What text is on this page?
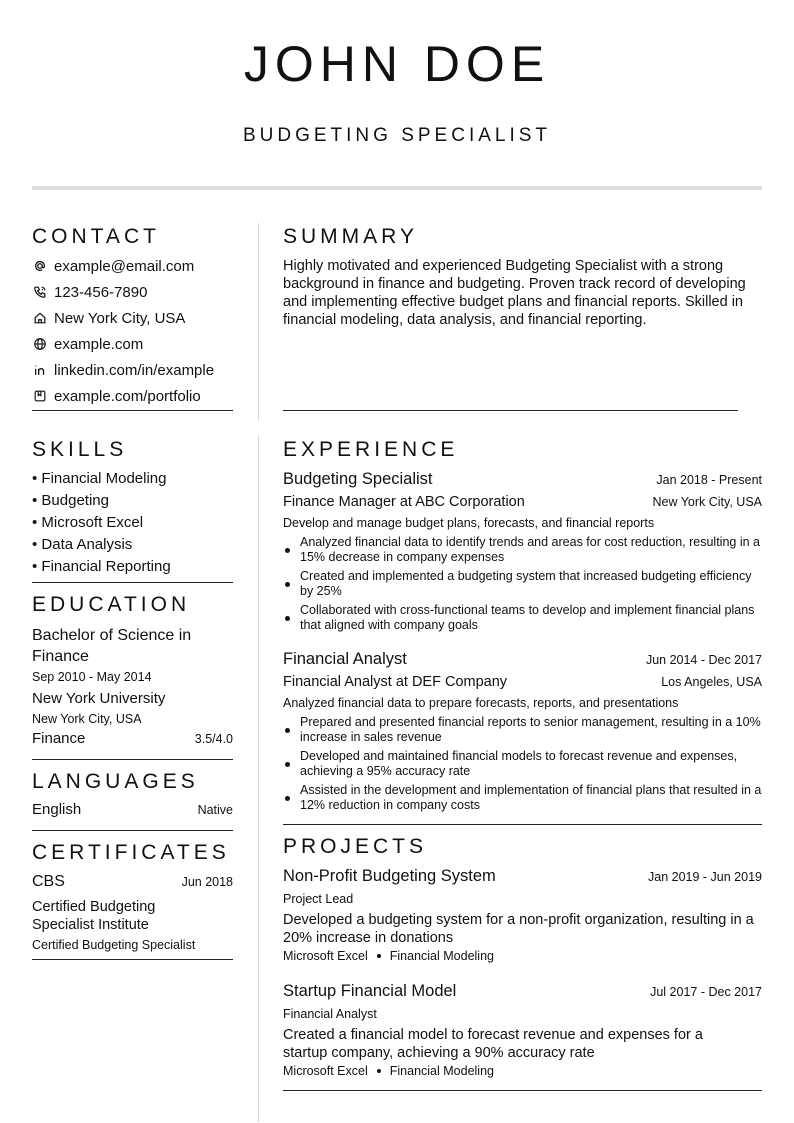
JOHN DOE
BUDGETING SPECIALIST
CONTACT
example@email.com
123-456-7890
New York City, USA
example.com
linkedin.com/in/example
example.com/portfolio
SKILLS
• Financial Modeling
• Budgeting
• Microsoft Excel
• Data Analysis
• Financial Reporting
EDUCATION
Bachelor of Science in Finance
Sep 2010 - May 2014
New York University
New York City, USA
Finance	3.5/4.0
LANGUAGES
English	Native
CERTIFICATES
CBS	Jun 2018
Certified Budgeting Specialist Institute
Certified Budgeting Specialist
SUMMARY
Highly motivated and experienced Budgeting Specialist with a strong background in finance and budgeting. Proven track record of developing and implementing effective budget plans and financial reports. Skilled in financial modeling, data analysis, and financial reporting.
EXPERIENCE
Budgeting Specialist	Jan 2018 - Present
Finance Manager at ABC Corporation	New York City, USA
Develop and manage budget plans, forecasts, and financial reports
Analyzed financial data to identify trends and areas for cost reduction, resulting in a 15% decrease in company expenses
Created and implemented a budgeting system that increased budgeting efficiency by 25%
Collaborated with cross-functional teams to develop and implement financial plans that aligned with company goals
Financial Analyst	Jun 2014 - Dec 2017
Financial Analyst at DEF Company	Los Angeles, USA
Analyzed financial data to prepare forecasts, reports, and presentations
Prepared and presented financial reports to senior management, resulting in a 10% increase in sales revenue
Developed and maintained financial models to forecast revenue and expenses, achieving a 95% accuracy rate
Assisted in the development and implementation of financial plans that resulted in a 12% reduction in company costs
PROJECTS
Non-Profit Budgeting System	Jan 2019 - Jun 2019
Project Lead
Developed a budgeting system for a non-profit organization, resulting in a 20% increase in donations
Microsoft Excel Financial Modeling
Startup Financial Model	Jul 2017 - Dec 2017
Financial Analyst
Created a financial model to forecast revenue and expenses for a startup company, achieving a 90% accuracy rate
Microsoft Excel Financial Modeling
